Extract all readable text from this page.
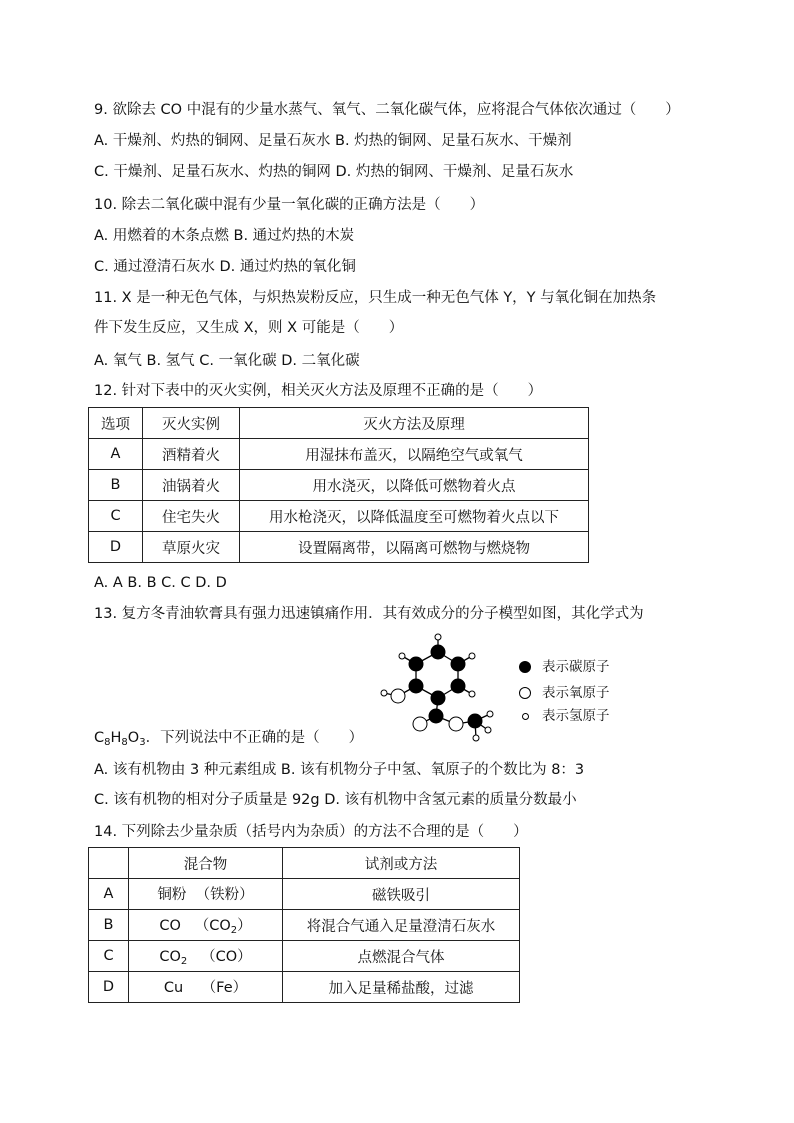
9. 欲除去 CO 中混有的少量水蒸气、氧气、二氧化碳气体，应将混合气体依次通过（　　）
A. 干燥剂、灼热的铜网、足量石灰水 B. 灼热的铜网、足量石灰水、干燥剂
C. 干燥剂、足量石灰水、灼热的铜网 D. 灼热的铜网、干燥剂、足量石灰水
10. 除去二氧化碳中混有少量一氧化碳的正确方法是（　　）
A. 用燃着的木条点燃 B. 通过灼热的木炭
C. 通过澄清石灰水 D. 通过灼热的氧化铜
11. X 是一种无色气体，与炽热炭粉反应，只生成一种无色气体 Y，Y 与氧化铜在加热条
件下发生反应，又生成 X，则 X 可能是（　　）
A. 氧气 B. 氢气 C. 一氧化碳 D. 二氧化碳
12. 针对下表中的灭火实例，相关灭火方法及原理不正确的是（　　）
选项	灭火实例	灭火方法及原理
A	酒精着火	用湿抹布盖灭，以隔绝空气或氧气
B	油锅着火	用水浇灭，以降低可燃物着火点
C	住宅失火	用水枪浇灭，以降低温度至可燃物着火点以下
D	草原火灾	设置隔离带，以隔离可燃物与燃烧物
A. A B. B C. C D. D
13. 复方冬青油软膏具有强力迅速镇痛作用．其有效成分的分子模型如图，其化学式为
表示碳原子
表示氧原子
表示氢原子
$C_8H_8O_3$．下列说法中不正确的是（　　）
A. 该有机物由 3 种元素组成 B. 该有机物分子中氢、氧原子的个数比为 8：3
C. 该有机物的相对分子质量是 92g D. 该有机物中含氢元素的质量分数最小
14. 下列除去少量杂质（括号内为杂质）的方法不合理的是（　　）
	混合物	试剂或方法
A	铜粉 （铁粉）	磁铁吸引
B	CO $(CO_2)$	将混合气通入足量澄清石灰水
C	$CO_2$ （CO）	点燃混合气体
D	Cu （Fe）	加入足量稀盐酸，过滤
